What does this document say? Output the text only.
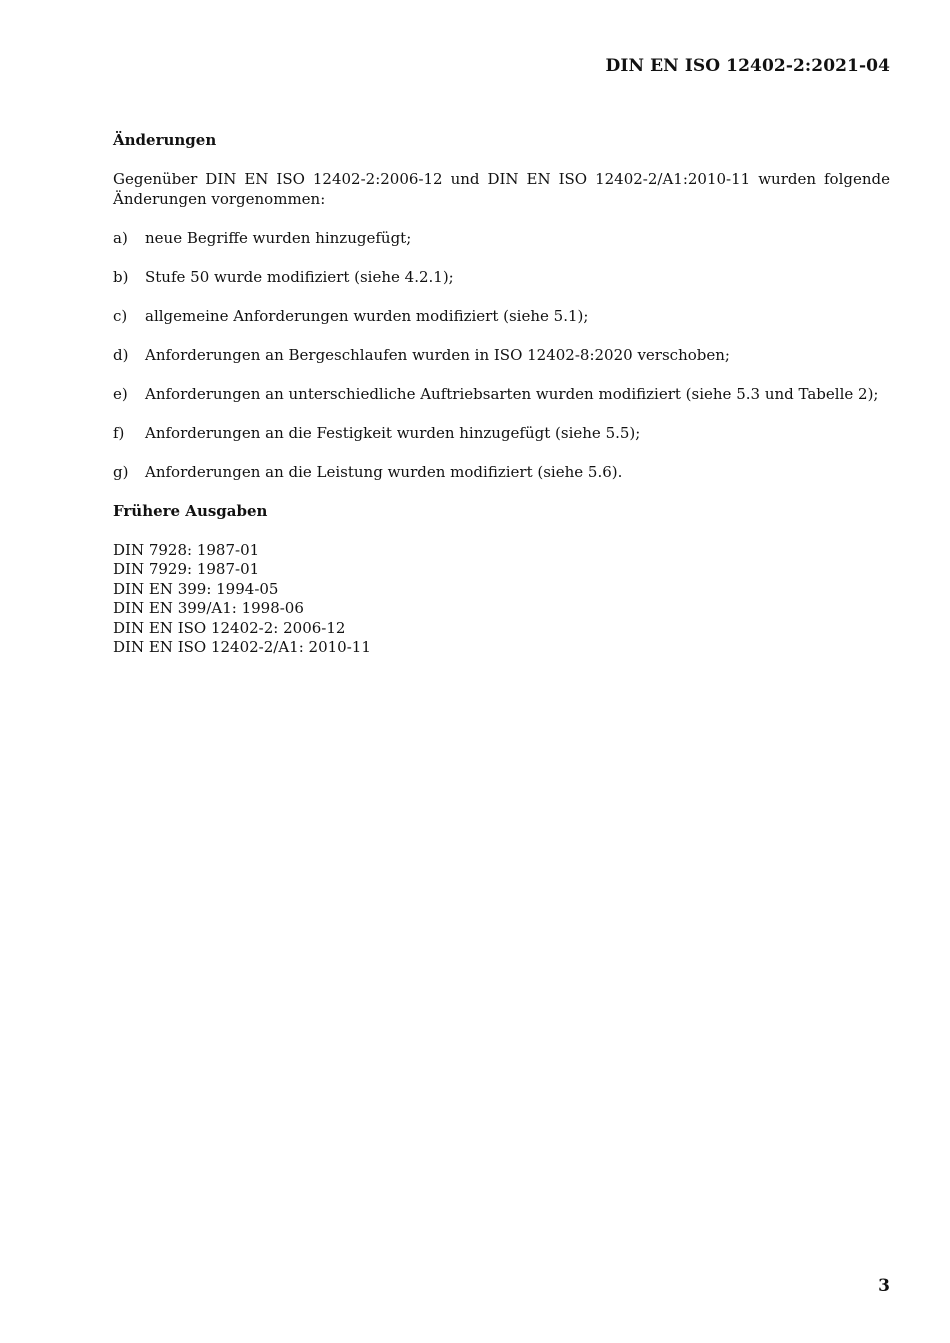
DIN EN ISO 12402-2:2021-04
Änderungen

Gegenüber DIN EN ISO 12402-2:2006-12 und DIN EN ISO 12402-2/A1:2010-11 wurden folgende Änderungen vorgenommen:

a)	neue Begriffe wurden hinzugefügt;
b)	Stufe 50 wurde modifiziert (siehe 4.2.1);
c)	allgemeine Anforderungen wurden modifiziert (siehe 5.1);
d)	Anforderungen an Bergeschlaufen wurden in ISO 12402-8:2020 verschoben;
e)	Anforderungen an unterschiedliche Auftriebsarten wurden modifiziert (siehe 5.3 und Tabelle 2);
f)	Anforderungen an die Festigkeit wurden hinzugefügt (siehe 5.5);
g)	Anforderungen an die Leistung wurden modifiziert (siehe 5.6).
Frühere Ausgaben
DIN 7928: 1987-01
DIN 7929: 1987-01
DIN EN 399: 1994-05
DIN EN 399/A1: 1998-06
DIN EN ISO 12402-2: 2006-12
DIN EN ISO 12402-2/A1: 2010-11
3
